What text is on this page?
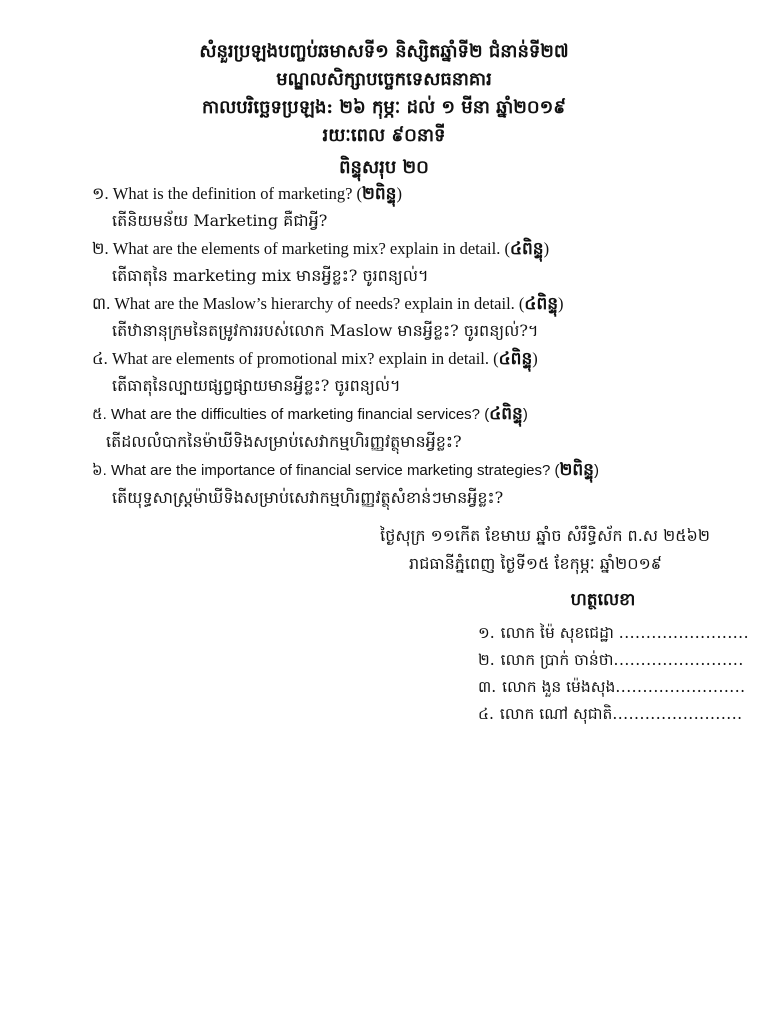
សំនួរប្រឡងបញ្ចប់ឆមាសទី១ និស្សិតឆ្នាំទី២ ជំនាន់ទី២៧
មណ្ឌលសិក្សាបច្ចេកទេសធនាគារ
កាលបរិច្ឆេទប្រឡង: ២៦ កុម្ភៈ ដល់ ១ មីនា ឆ្នាំ២០១៩
រយៈពេល ៩០នាទី
ពិន្ទុសរុប ២០
១. What is the definition of marketing? (២ពិន្ទុ)
តើនិយមន័យ Marketing គឺជាអ្វី?
២. What are the elements of marketing mix? explain in detail. (៤ពិន្ទុ)
តើធាតុនៃ marketing mix មានអ្វីខ្លះ? ចូរពន្យល់។
៣. What are the Maslow’s hierarchy of needs? explain in detail. (៤ពិន្ទុ)
តើឋានានុក្រមនៃតម្រូវការរបស់លោក Maslow មានអ្វីខ្លះ? ចូរពន្យល់?។
៤. What are elements of promotional mix? explain in detail. (៤ពិន្ទុ)
តើធាតុនៃល្បាយផ្សព្វផ្សាយមានអ្វីខ្លះ? ចូរពន្យល់។
៥. What are the difficulties of marketing financial services? (៤ពិន្ទុ)
តើដលលំបាកនៃម៉ាឃីទិងសម្រាប់សេវាកម្មហិរញ្ញវត្ថុមានអ្វីខ្លះ?
៦. What are the importance of financial service marketing strategies? (២ពិន្ទុ)
តើយុទ្ធសាស្ត្រម៉ាឃីទិងសម្រាប់សេវាកម្មហិរញ្ញវត្ថុសំខាន់ៗមានអ្វីខ្លះ?
ថ្ងៃសុក្រ ១១កើត ខែមាឃ ឆ្នាំច សំរឹទ្ធិស័ក ព.ស ២៥៦២
រាជធានីភ្នំពេញ ថ្ងៃទី១៥ ខែកុម្ភៈ ឆ្នាំ២០១៩
ហត្ថលេខា
១. លោក ម៉ៃ សុខជេដ្ឋា ........................
២. លោក ប្រាក់ ចាន់ថា........................
៣. លោក ងួន ម៉េងសុង........................
៤. លោក ណៅ សុជាតិ........................
